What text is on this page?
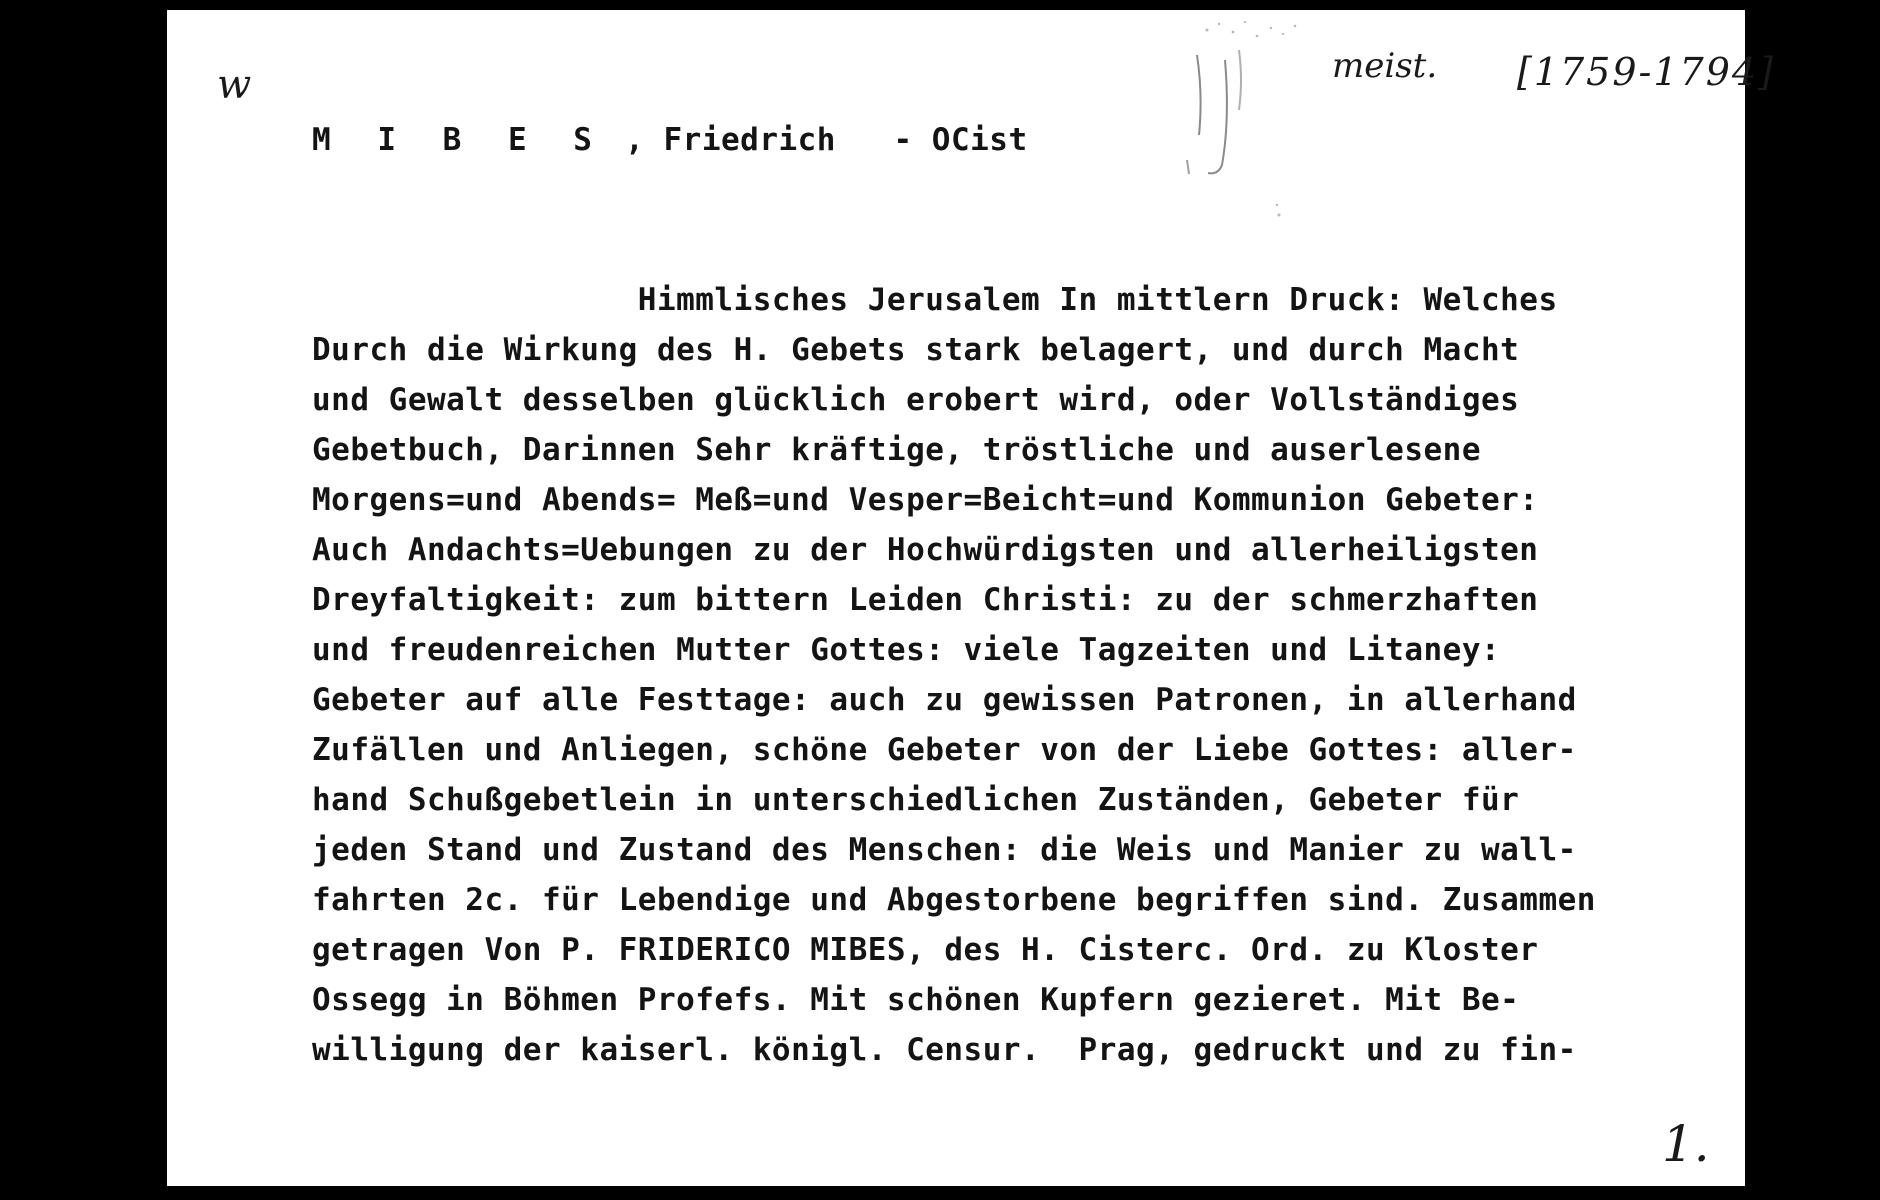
w	meist. [1759-1794]

M I B E S , Friedrich - OCist

Himmlisches Jerusalem In mittlern Druck: Welches
Durch die Wirkung des H. Gebets stark belagert, und durch Macht
und Gewalt desselben glücklich erobert wird, oder Vollständiges
Gebetbuch, Darinnen Sehr kräftige, tröstliche und auserlesene
Morgens=und Abends= Meß=und Vesper=Beicht=und Kommunion Gebeter:
Auch Andachts=Uebungen zu der Hochwürdigsten und allerheiligsten
Dreyfaltigkeit: zum bittern Leiden Christi: zu der schmerzhaften
und freudenreichen Mutter Gottes: viele Tagzeiten und Litaney:
Gebeter auf alle Festtage: auch zu gewissen Patronen, in allerhand
Zufällen und Anliegen, schöne Gebeter von der Liebe Gottes: aller-
hand Schußgebetlein in unterschiedlichen Zuständen, Gebeter für
jeden Stand und Zustand des Menschen: die Weis und Manier zu wall-
fahrten 2c. für Lebendige und Abgestorbene begriffen sind. Zusammen
getragen Von P. FRIDERICO MIBES, des H. Cisterc. Ord. zu Kloster
Ossegg in Böhmen Profefs. Mit schönen Kupfern gezieret. Mit Be-
willigung der kaiserl. königl. Censur.  Prag, gedruckt und zu fin-
1.
